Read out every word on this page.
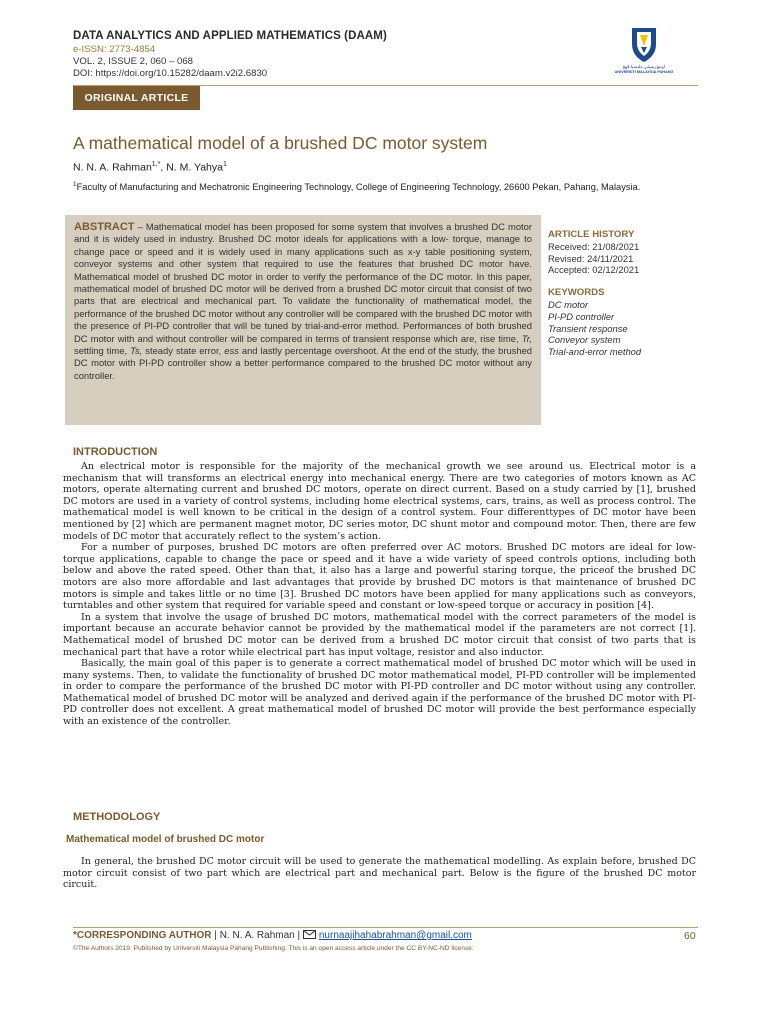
DATA ANALYTICS AND APPLIED MATHEMATICS (DAAM)
e-ISSN: 2773-4854
VOL. 2, ISSUE 2, 060 – 068
DOI: https://doi.org/10.15282/daam.v2i2.6830
اونيۏرسيتي مليسيا ڤهڠ
UNIVERSITI MALAYSIA PAHANG
ORIGINAL ARTICLE
A mathematical model of a brushed DC motor system
N. N. A. Rahman$^{1,*}$, N. M. Yahya$^1$
$^1$Faculty of Manufacturing and Mechatronic Engineering Technology, College of Engineering Technology, 26600 Pekan, Pahang, Malaysia.
ABSTRACT – Mathematical model has been proposed for some system that involves a brushed DC motor and it is widely used in industry. Brushed DC motor ideals for applications with a low- torque, manage to change pace or speed and it is widely used in many applications such as x-y table positioning system, conveyor systems and other system that required to use the features that brushed DC motor have. Mathematical model of brushed DC motor in order to verify the performance of the DC motor. In this paper, mathematical model of brushed DC motor will be derived from a brushed DC motor circuit that consist of two parts that are electrical and mechanical part. To validate the functionality of mathematical model, the performance of the brushed DC motor without any controller will be compared with the brushed DC motor with the presence of PI-PD controller that will be tuned by trial-and-error method. Performances of both brushed DC motor with and without controller will be compared in terms of transient response which are, rise time, Tr, settling time, Ts, steady state error, ess and lastly percentage overshoot. At the end of the study, the brushed DC motor with PI-PD controller show a better performance compared to the brushed DC motor without any controller.
ARTICLE HISTORY
Received: 21/08/2021
Revised: 24/11/2021
Accepted: 02/12/2021
KEYWORDS
DC motor
PI-PD controller
Transient response
Conveyor system
Trial-and-error method
INTRODUCTION

An electrical motor is responsible for the majority of the mechanical growth we see around us. Electrical motor is a mechanism that will transforms an electrical energy into mechanical energy. There are two categories of motors known as AC motors, operate alternating current and brushed DC motors, operate on direct current. Based on a study carried by [1], brushed DC motors are used in a variety of control systems, including home electrical systems, cars, trains, as well as process control. The mathematical model is well known to be critical in the design of a control system. Four differenttypes of DC motor have been mentioned by [2] which are permanent magnet motor, DC series motor, DC shunt motor and compound motor. Then, there are few models of DC motor that accurately reflect to the system’s action.

For a number of purposes, brushed DC motors are often preferred over AC motors. Brushed DC motors are ideal for low-torque applications, capable to change the pace or speed and it have a wide variety of speed controls options, including both below and above the rated speed. Other than that, it also has a large and powerful staring torque, the priceof the brushed DC motors are also more affordable and last advantages that provide by brushed DC motors is that maintenance of brushed DC motors is simple and takes little or no time [3]. Brushed DC motors have been applied for many applications such as conveyors, turntables and other system that required for variable speed and constant or low-speed torque or accuracy in position [4].

In a system that involve the usage of brushed DC motors, mathematical model with the correct parameters of the model is important because an accurate behavior cannot be provided by the mathematical model if the parameters are not correct [1]. Mathematical model of brushed DC motor can be derived from a brushed DC motor circuit that consist of two parts that is mechanical part that have a rotor while electrical part has input voltage, resistor and also inductor.

Basically, the main goal of this paper is to generate a correct mathematical model of brushed DC motor which will be used in many systems. Then, to validate the functionality of brushed DC motor mathematical model, PI-PD controller will be implemented in order to compare the performance of the brushed DC motor with PI-PD controller and DC motor without using any controller. Mathematical model of brushed DC motor will be analyzed and derived again if the performance of the brushed DC motor with PI-PD controller does not excellent. A great mathematical model of brushed DC motor will provide the best performance especially with an existence of the controller.

METHODOLOGY
Mathematical model of brushed DC motor

In general, the brushed DC motor circuit will be used to generate the mathematical modelling. As explain before, brushed DC motor circuit consist of two part which are electrical part and mechanical part. Below is the figure of the brushed DC motor circuit.

*CORRESPONDING AUTHOR | N. N. A. Rahman |
nurnaajihahabrahman@gmail.com	60
©The Authors 2019. Published by Universiti Malaysia Pahang Publishing. This is an open access article under the CC BY-NC-ND license.
